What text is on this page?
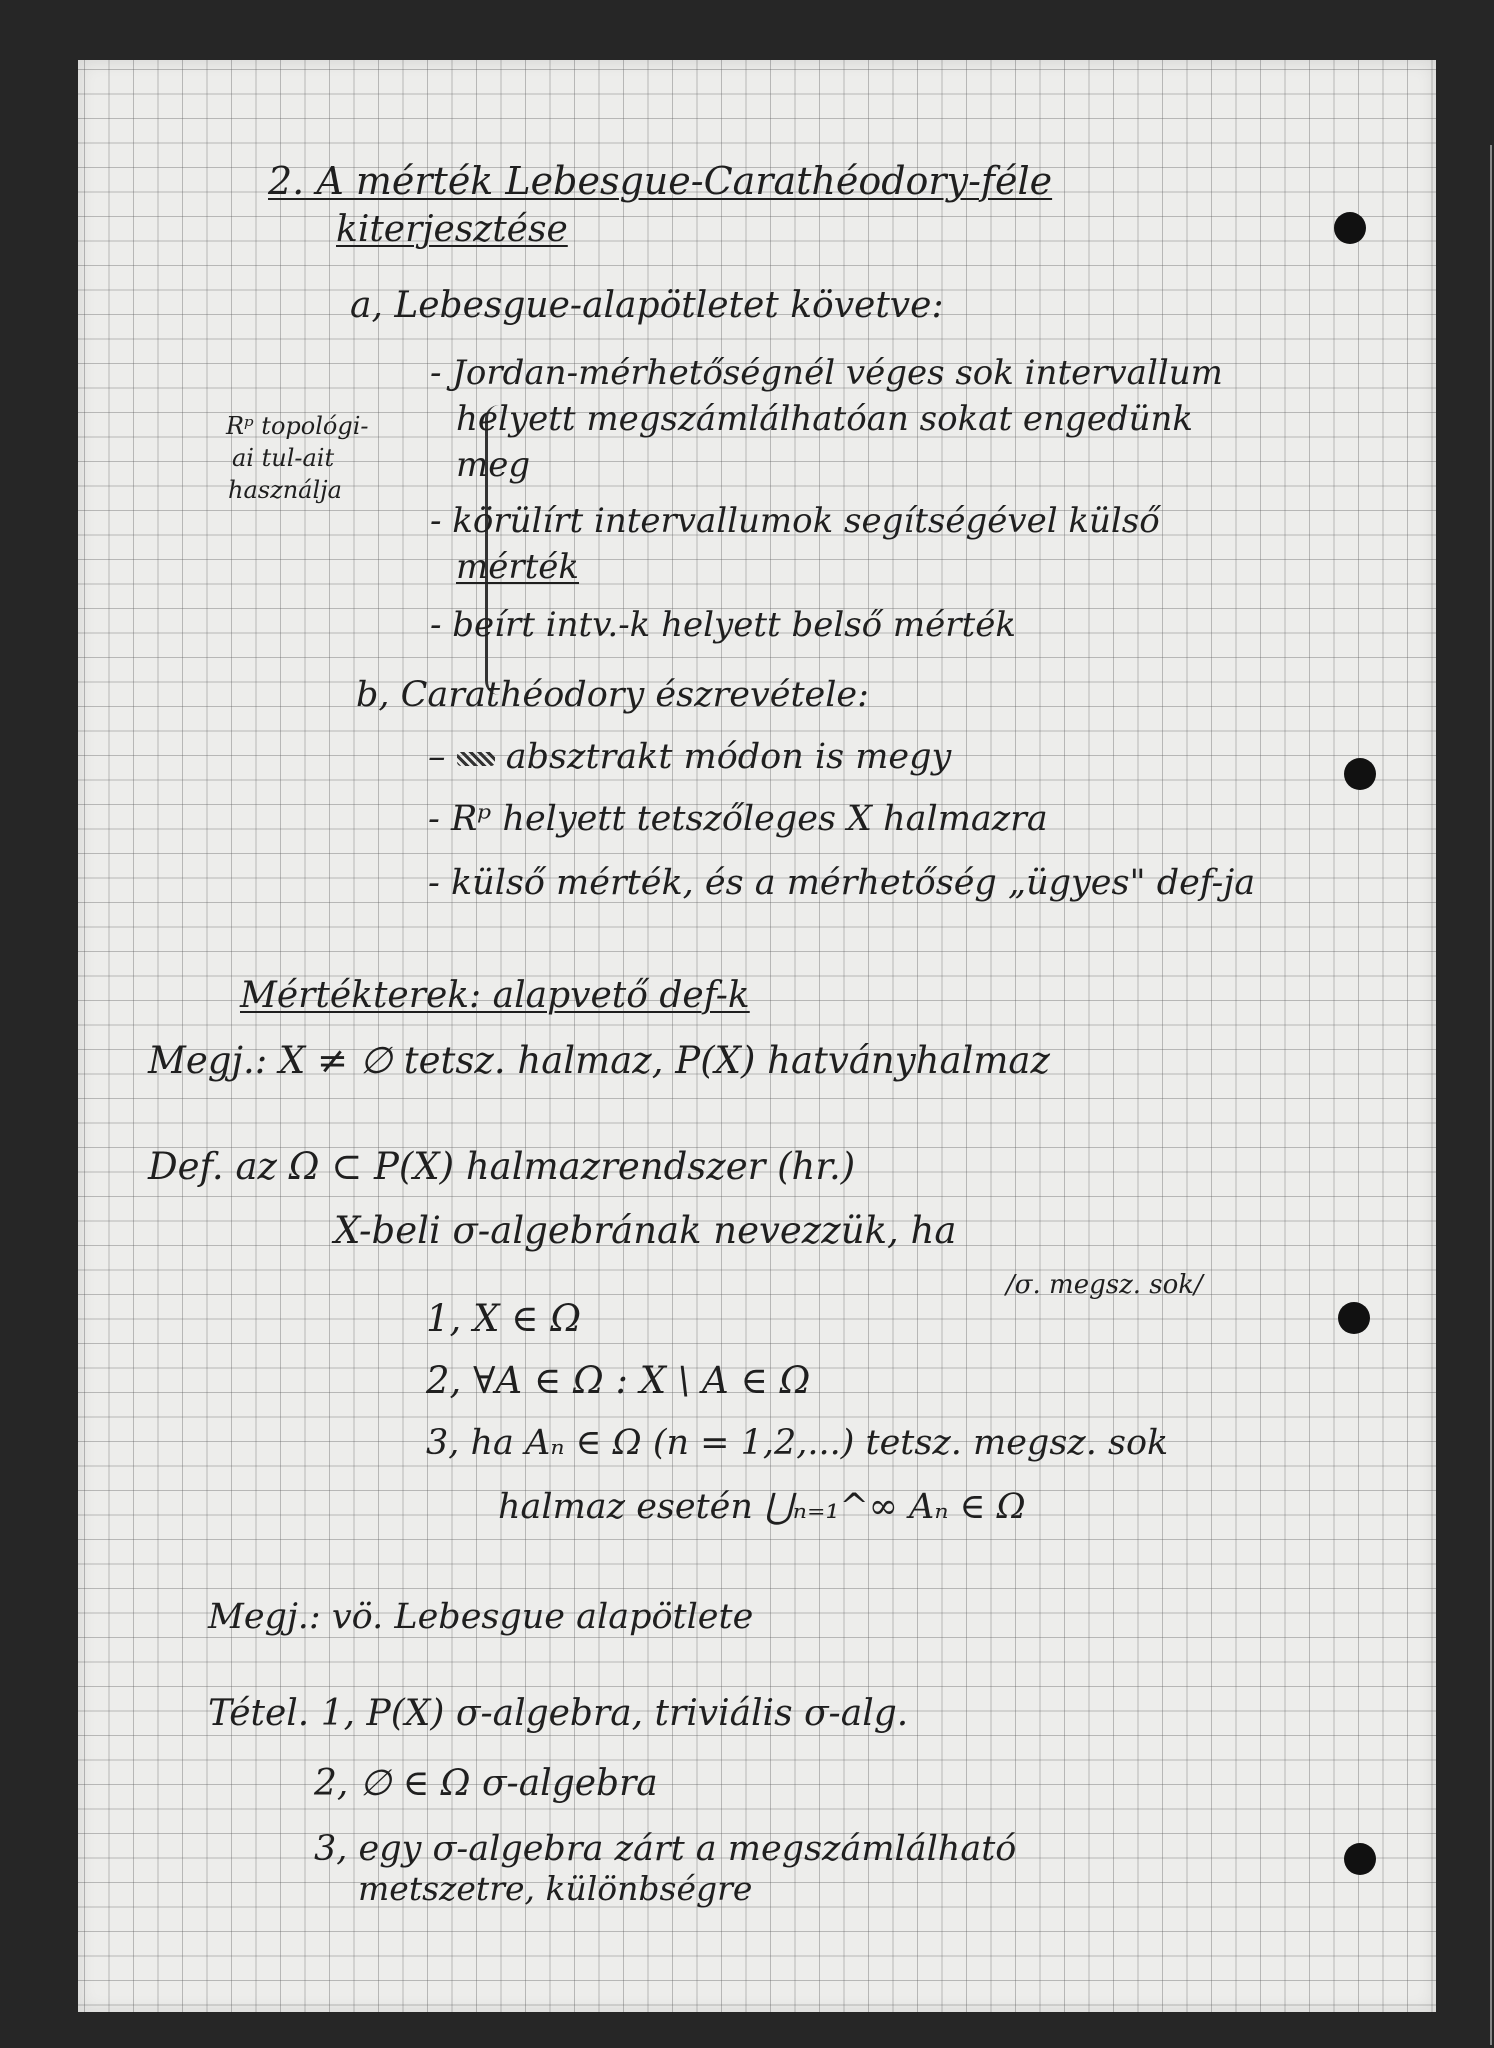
2. A mérték Lebesgue-Carathéodory-féle
kiterjesztése
a, Lebesgue-alapötletet követve:
Rᵖ topológi-
ai tul-ait
használja
- Jordan-mérhetőségnél véges sok intervallum
helyett megszámlálhatóan sokat engedünk
meg
- körülírt intervallumok segítségével külső
mérték
- beírt intv.-k helyett belső mérték
b, Carathéodory észrevétele:
–  absztrakt módon is megy
- Rᵖ helyett tetszőleges X halmazra
- külső mérték, és a mérhetőség „ügyes" def-ja
Mértékterek: alapvető def-k
Megj.: X ≠ ∅ tetsz. halmaz, P(X) hatványhalmaz
Def. az Ω ⊂ P(X) halmazrendszer (hr.)
X-beli σ-algebrának nevezzük, ha
/σ. megsz. sok/
1, X ∈ Ω
2, ∀A ∈ Ω : X \ A ∈ Ω
3, ha Aₙ ∈ Ω (n = 1,2,...) tetsz. megsz. sok
halmaz esetén ⋃ₙ₌₁^∞ Aₙ ∈ Ω
Megj.: vö. Lebesgue alapötlete
Tétel. 1, P(X) σ-algebra, triviális σ-alg.
2, ∅ ∈ Ω σ-algebra
3, egy σ-algebra zárt a megszámlálható
metszetre, különbségre
